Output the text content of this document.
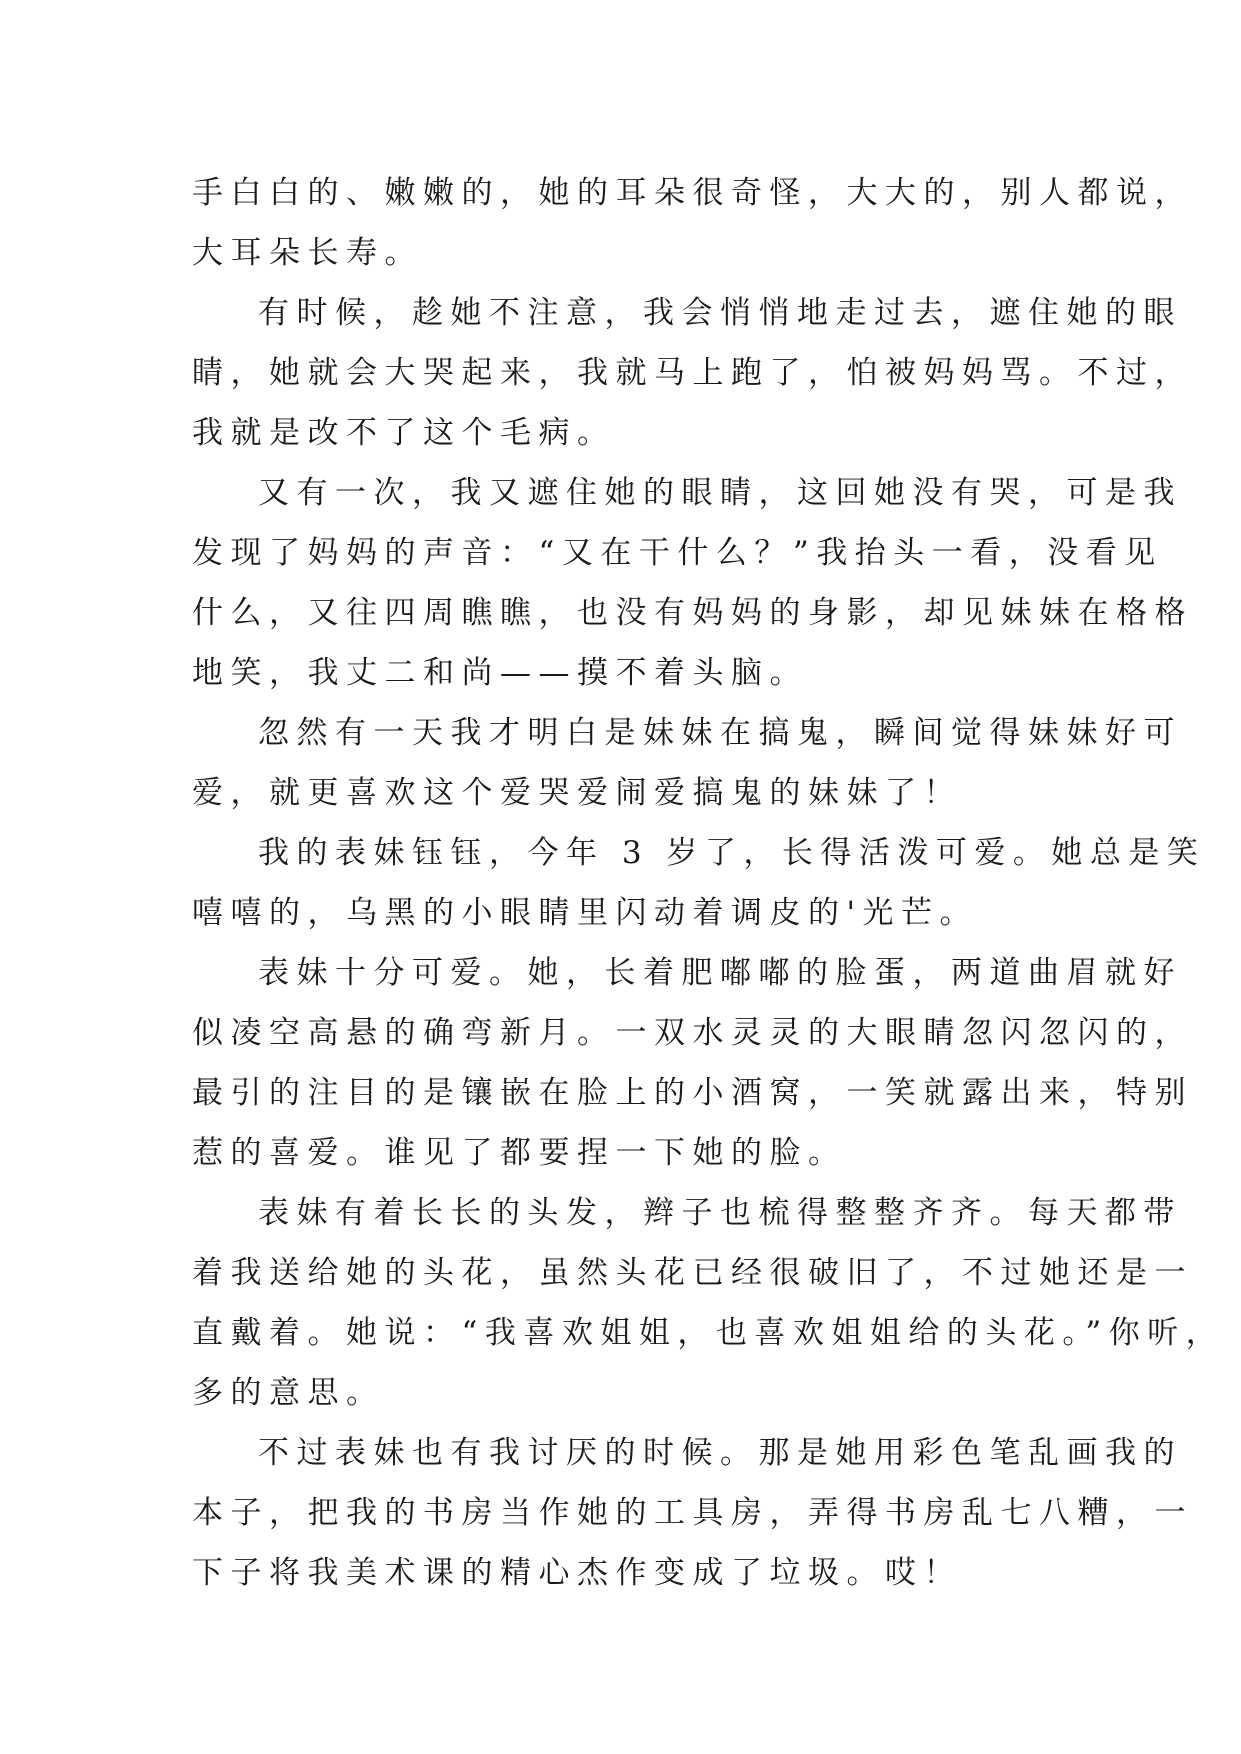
手白白的、嫩嫩的，她的耳朵很奇怪，大大的，别人都说，
大耳朵长寿。
有时候，趁她不注意，我会悄悄地走过去，遮住她的眼
睛，她就会大哭起来，我就马上跑了，怕被妈妈骂。不过，
我就是改不了这个毛病。
又有一次，我又遮住她的眼睛，这回她没有哭，可是我
发现了妈妈的声音：“又在干什么？”我抬头一看，没看见
什么，又往四周瞧瞧，也没有妈妈的身影，却见妹妹在格格
地笑，我丈二和尚——摸不着头脑。
忽然有一天我才明白是妹妹在搞鬼，瞬间觉得妹妹好可
爱，就更喜欢这个爱哭爱闹爱搞鬼的妹妹了！
我的表妹钰钰，今年 3 岁了，长得活泼可爱。她总是笑
嘻嘻的，乌黑的小眼睛里闪动着调皮的'光芒。
表妹十分可爱。她，长着肥嘟嘟的脸蛋，两道曲眉就好
似凌空高悬的确弯新月。一双水灵灵的大眼睛忽闪忽闪的，
最引的注目的是镶嵌在脸上的小酒窝，一笑就露出来，特别
惹的喜爱。谁见了都要捏一下她的脸。
表妹有着长长的头发，辫子也梳得整整齐齐。每天都带
着我送给她的头花，虽然头花已经很破旧了，不过她还是一
直戴着。她说：“我喜欢姐姐，也喜欢姐姐给的头花。”你听，
多的意思。
不过表妹也有我讨厌的时候。那是她用彩色笔乱画我的
本子，把我的书房当作她的工具房，弄得书房乱七八糟，一
下子将我美术课的精心杰作变成了垃圾。哎！
